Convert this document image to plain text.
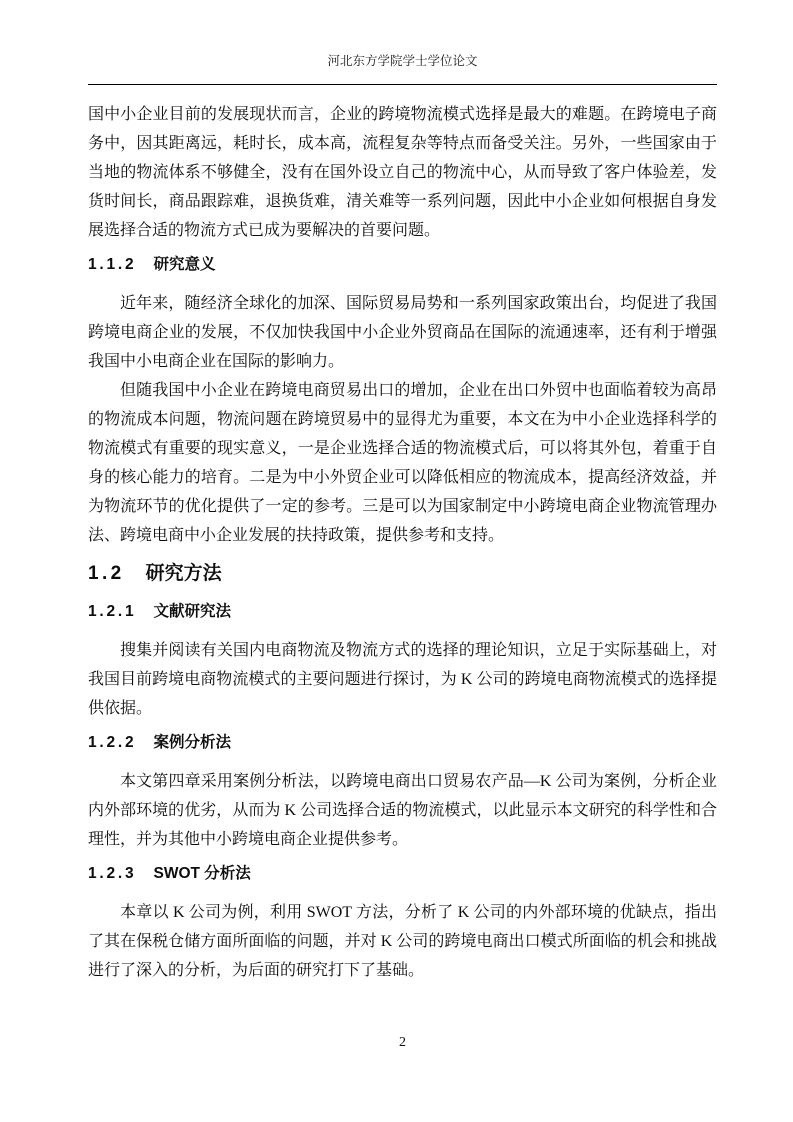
河北东方学院学士学位论文

国中小企业目前的发展现状而言，企业的跨境物流模式选择是最大的难题。在跨境电子商务中，因其距离远，耗时长，成本高，流程复杂等特点而备受关注。另外，一些国家由于当地的物流体系不够健全，没有在国外设立自己的物流中心，从而导致了客户体验差，发货时间长，商品跟踪难，退换货难，清关难等一系列问题，因此中小企业如何根据自身发展选择合适的物流方式已成为要解决的首要问题。

1.1.2 研究意义

近年来，随经济全球化的加深、国际贸易局势和一系列国家政策出台，均促进了我国跨境电商企业的发展，不仅加快我国中小企业外贸商品在国际的流通速率，还有利于增强我国中小电商企业在国际的影响力。

但随我国中小企业在跨境电商贸易出口的增加，企业在出口外贸中也面临着较为高昂的物流成本问题，物流问题在跨境贸易中的显得尤为重要，本文在为中小企业选择科学的物流模式有重要的现实意义，一是企业选择合适的物流模式后，可以将其外包，着重于自身的核心能力的培育。二是为中小外贸企业可以降低相应的物流成本，提高经济效益，并为物流环节的优化提供了一定的参考。三是可以为国家制定中小跨境电商企业物流管理办法、跨境电商中小企业发展的扶持政策，提供参考和支持。

1.2 研究方法
1.2.1 文献研究法

搜集并阅读有关国内电商物流及物流方式的选择的理论知识，立足于实际基础上，对我国目前跨境电商物流模式的主要问题进行探讨，为 K 公司的跨境电商物流模式的选择提供依据。

1.2.2 案例分析法

本文第四章采用案例分析法，以跨境电商出口贸易农产品—K 公司为案例，分析企业内外部环境的优劣，从而为 K 公司选择合适的物流模式，以此显示本文研究的科学性和合理性，并为其他中小跨境电商企业提供参考。

1.2.3 SWOT 分析法

本章以 K 公司为例，利用 SWOT 方法，分析了 K 公司的内外部环境的优缺点，指出了其在保税仓储方面所面临的问题，并对 K 公司的跨境电商出口模式所面临的机会和挑战进行了深入的分析，为后面的研究打下了基础。

2
